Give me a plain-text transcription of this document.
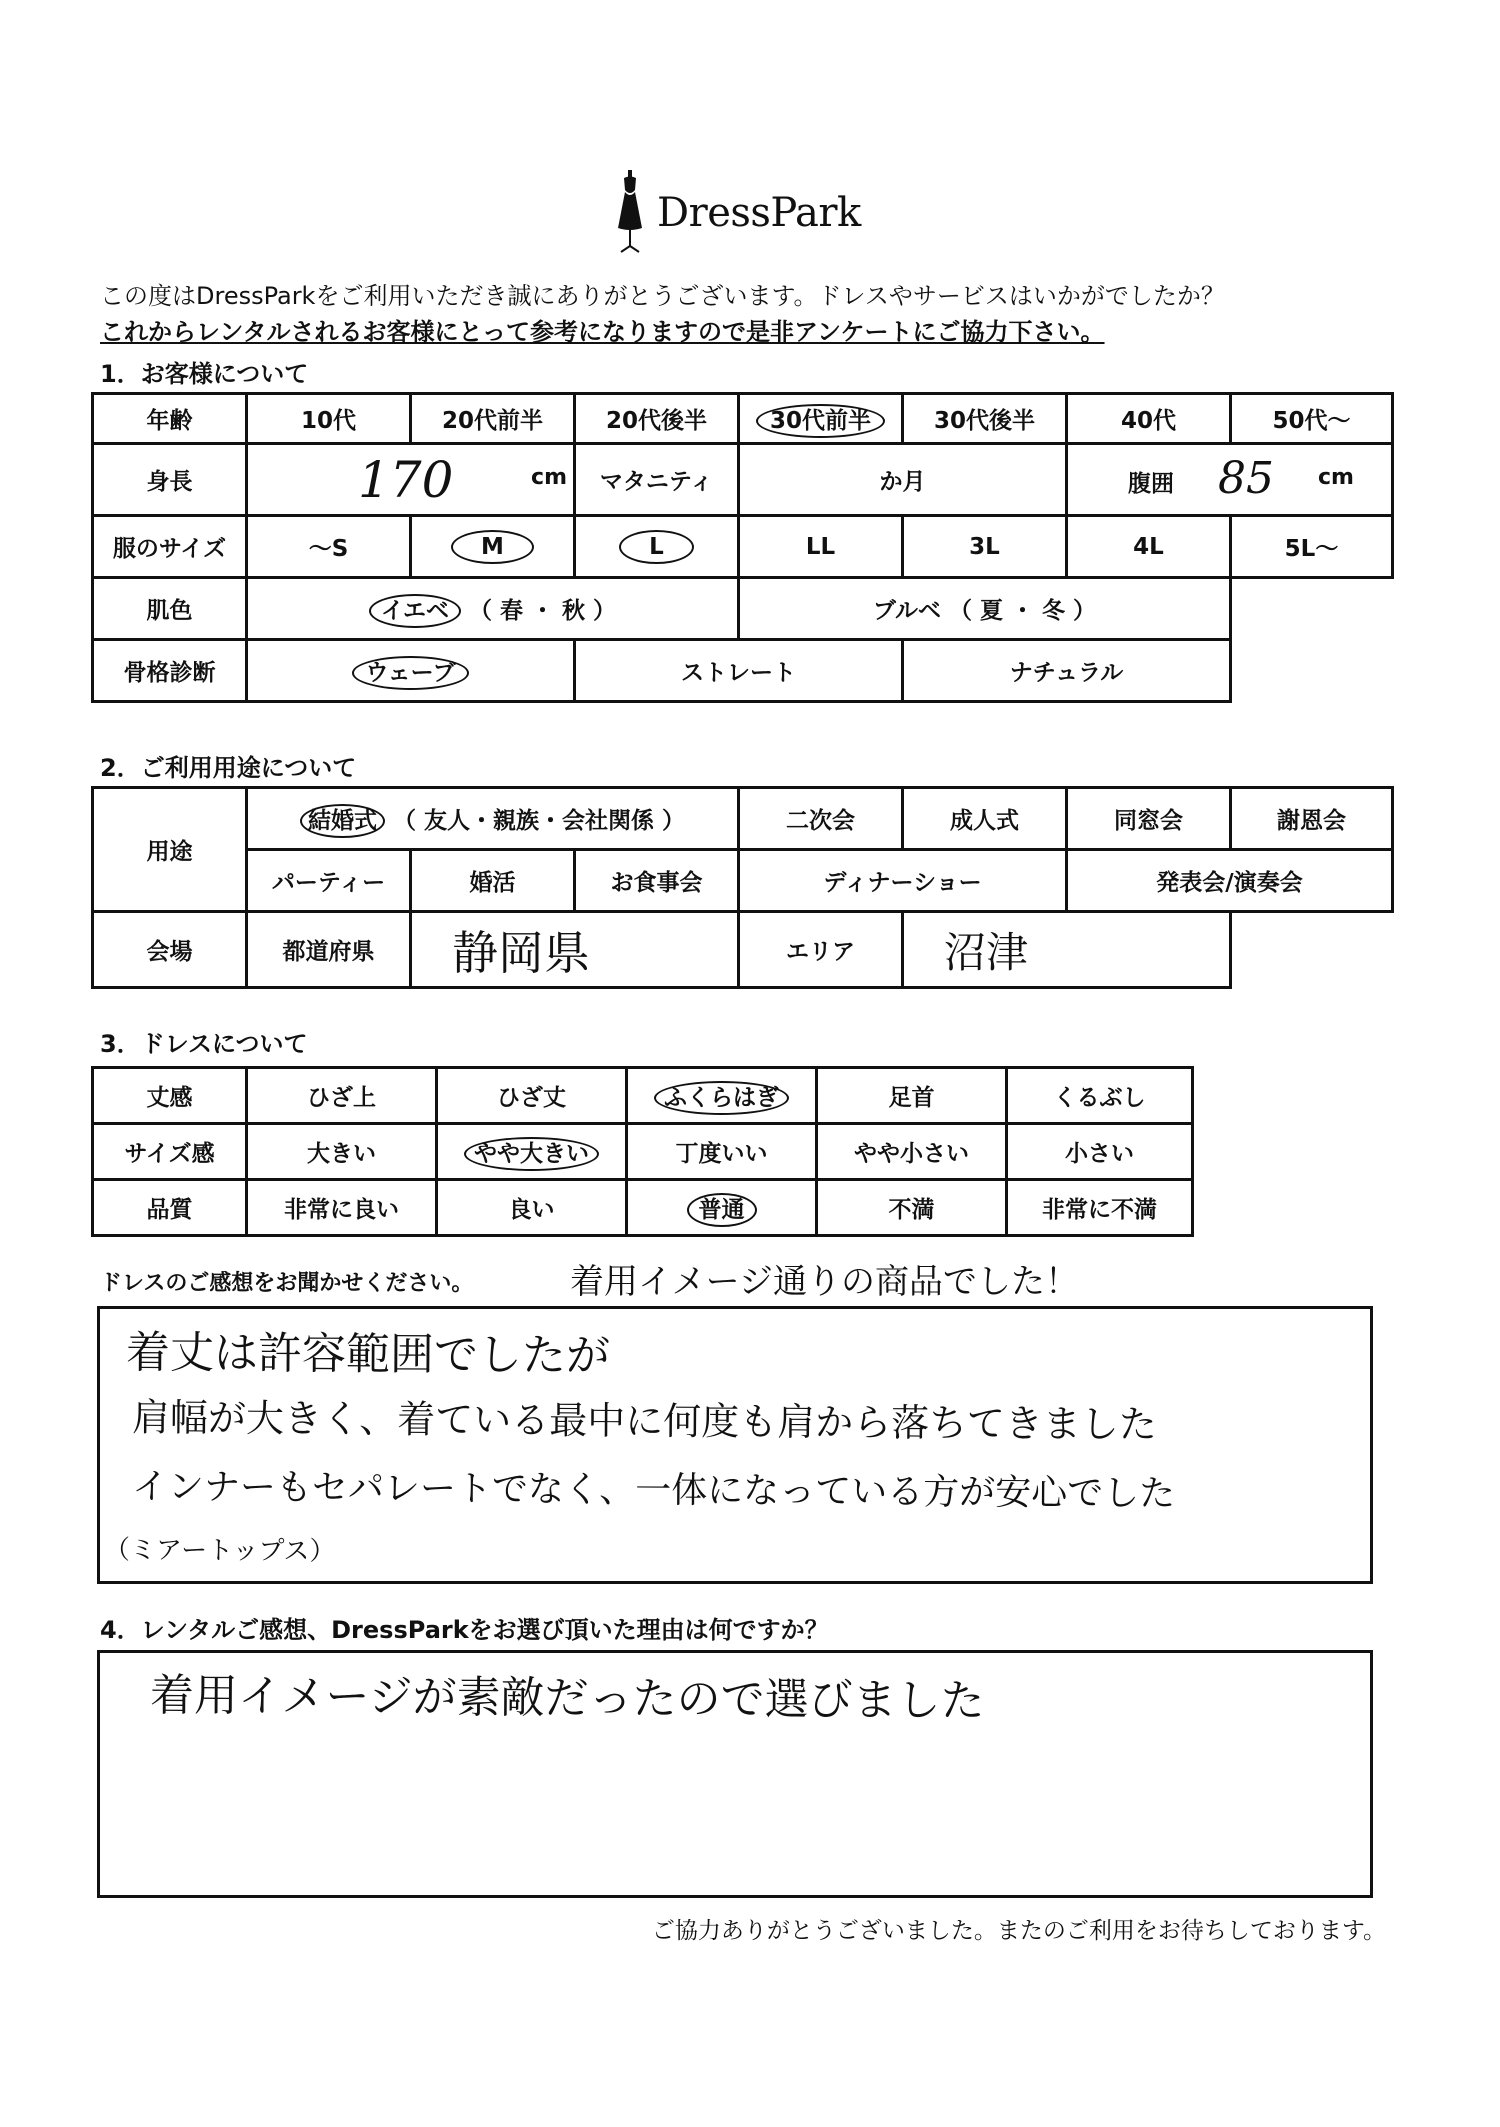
DressPark
この度はDressParkをご利用いただき誠にありがとうございます。ドレスやサービスはいかがでしたか？
これからレンタルされるお客様にとって参考になりますので是非アンケートにご協力下さい。
1．お客様について
年齢	10代	20代前半	20代後半	30代前半	30代後半	40代	50代～
身長	170 cm		マタニティ	か月		腹囲 85 cm	

服のサイズ	～S	M	L	LL	3L	4L	5L～
肌色	イエベ （ 春 ・ 秋 ）			ブルベ （ 夏 ・ 冬 ）			
骨格診断	ウェーブ		ストレート		ナチュラル		
2．ご利用用途について
用途	結婚式 （ 友人・親族・会社関係 ）			二次会	成人式	同窓会	謝恩会
	パーティー	婚活	お食事会	ディナーショー		発表会/演奏会	
会場	都道府県	静岡県		エリア	沼津		
3．ドレスについて
丈感	ひざ上	ひざ丈	ふくらはぎ	足首	くるぶし
サイズ感	大きい	やや大きい	丁度いい	やや小さい	小さい
品質	非常に良い	良い	普通	不満	非常に不満
ドレスのご感想をお聞かせください。	着用イメージ通りの商品でした！
着丈は許容範囲でしたが
肩幅が大きく、着ている最中に何度も肩から落ちてきました
インナーもセパレートでなく、一体になっている方が安心でした
（ミアートップス）
4．レンタルご感想、DressParkをお選び頂いた理由は何ですか？
着用イメージが素敵だったので選びました
ご協力ありがとうございました。またのご利用をお待ちしております。
